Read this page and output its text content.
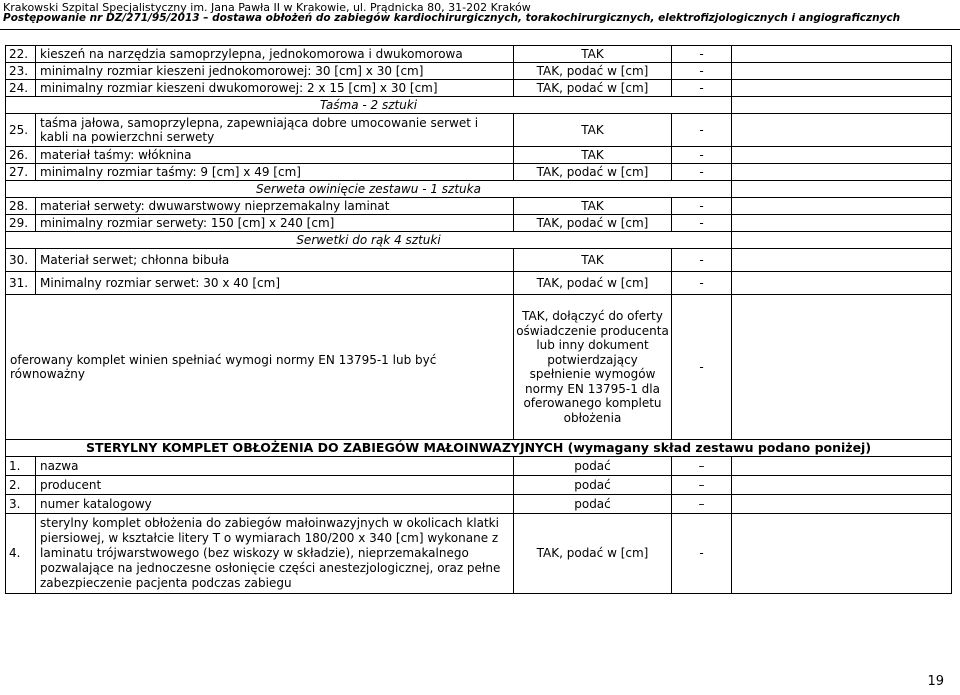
Krakowski Szpital Specjalistyczny im. Jana Pawła II w Krakowie, ul. Prądnicka 80, 31-202 Kraków
Postępowanie nr DZ/271/95/2013 – dostawa obłożeń do zabiegów kardiochirurgicznych, torakochirurgicznych, elektrofizjologicznych i angiograficznych
22.	kieszeń na narzędzia samoprzylepna, jednokomorowa i dwukomorowa	TAK	-	
23.	minimalny rozmiar kieszeni jednokomorowej: 30 [cm] x 30 [cm]	TAK, podać w [cm]	-	
24.	minimalny rozmiar kieszeni dwukomorowej: 2 x 15 [cm] x 30 [cm]	TAK, podać w [cm]	-	
Taśma - 2 sztuki				
25.	taśma jałowa, samoprzylepna, zapewniająca dobre umocowanie serwet i kabli na powierzchni serwety	TAK	-	
26.	materiał taśmy: włóknina	TAK	-	
27.	minimalny rozmiar taśmy: 9 [cm] x 49 [cm]	TAK, podać w [cm]	-	
Serweta owinięcie zestawu - 1 sztuka				
28.	materiał serwety: dwuwarstwowy nieprzemakalny laminat	TAK	-	
29.	minimalny rozmiar serwety: 150 [cm] x 240 [cm]	TAK, podać w [cm]	-	
Serwetki do rąk 4 sztuki				
30.	Materiał serwet; chłonna bibuła	TAK	-	
31.	Minimalny rozmiar serwet: 30 x 40 [cm]	TAK, podać w [cm]	-	
oferowany komplet winien spełniać wymogi normy EN 13795-1 lub być równoważny		TAK, dołączyć do oferty oświadczenie producenta lub inny dokument potwierdzający spełnienie wymogów normy EN 13795-1 dla oferowanego kompletu obłożenia	-	
STERYLNY KOMPLET OBŁOŻENIA DO ZABIEGÓW MAŁOINWAZYJNYCH (wymagany skład zestawu podano poniżej)				
1.	nazwa	podać	–	
2.	producent	podać	–	
3.	numer katalogowy	podać	–	
4.	sterylny komplet obłożenia do zabiegów małoinwazyjnych w okolicach klatki piersiowej, w kształcie litery T o wymiarach 180/200 x 340 [cm] wykonane z laminatu trójwarstwowego (bez wiskozy w składzie), nieprzemakalnego pozwalające na jednoczesne osłonięcie części anestezjologicznej, oraz pełne zabezpieczenie pacjenta podczas zabiegu	TAK, podać w [cm]	-	
19
